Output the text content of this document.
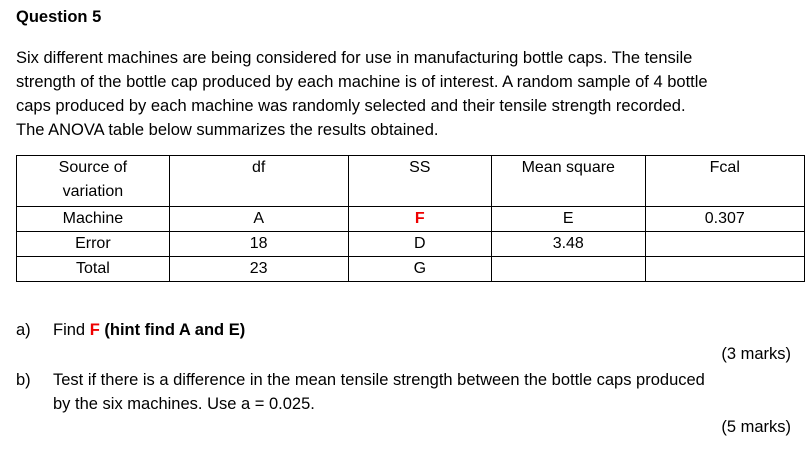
Question 5
Six different machines are being considered for use in manufacturing bottle caps. The tensile
strength of the bottle cap produced by each machine is of interest. A random sample of 4 bottle
caps produced by each machine was randomly selected and their tensile strength recorded.
The ANOVA table below summarizes the results obtained.
Source of
variation	df	SS	Mean square	Fcal
Machine	A	F	E	0.307
Error	18	D	3.48	
Total	23	G		
a) Find F (hint find A and E)
(3 marks)
b) Test if there is a difference in the mean tensile strength between the bottle caps produced
by the six machines. Use a = 0.025.
(5 marks)
